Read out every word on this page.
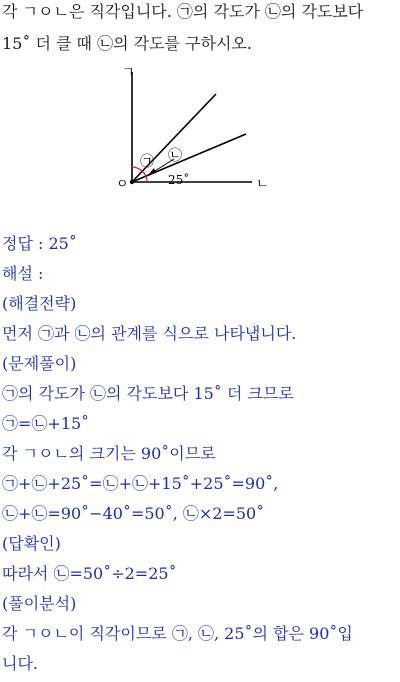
각 ㄱㅇㄴ은 직각입니다. ㉠의 각도가 ㉡의 각도보다
15˚ 더 클 때 ㉡의 각도를 구하시오.
ㅇ
ㄱ
ㄴ
㉠ ㉡
25˚
정답 : 25˚
해설 :
(해결전략)
먼저 ㉠과 ㉡의 관계를 식으로 나타냅니다.
(문제풀이)
㉠의 각도가 ㉡의 각도보다 15˚ 더 크므로
㉠=㉡+15˚
각 ㄱㅇㄴ의 크기는 90˚이므로
㉠+㉡+25˚=㉡+㉡+15˚+25˚=90˚,
㉡+㉡=90˚−40˚=50˚, ㉡×2=50˚
(답확인)
따라서 ㉡=50˚÷2=25˚
(풀이분석)
각 ㄱㅇㄴ이 직각이므로 ㉠, ㉡, 25˚의 합은 90˚입
니다.
